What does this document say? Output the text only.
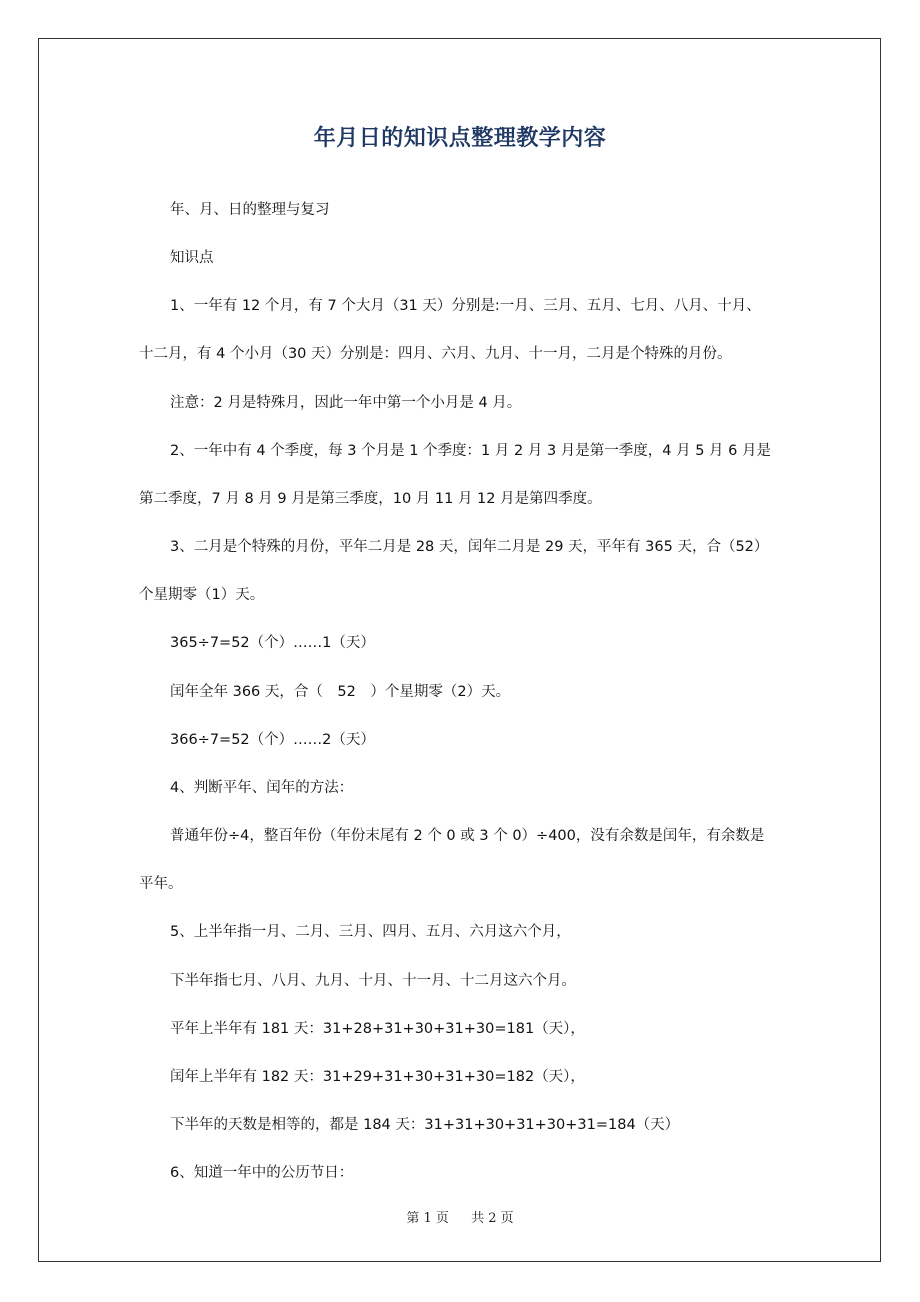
年月日的知识点整理教学内容
年、月、日的整理与复习
知识点
1、一年有 12 个月，有 7 个大月（31 天）分别是:一月、三月、五月、七月、八月、十月、
十二月，有 4 个小月（30 天）分别是：四月、六月、九月、十一月，二月是个特殊的月份。
注意：2 月是特殊月，因此一年中第一个小月是 4 月。
2、一年中有 4 个季度，每 3 个月是 1 个季度：1 月 2 月 3 月是第一季度，4 月 5 月 6 月是
第二季度，7 月 8 月 9 月是第三季度，10 月 11 月 12 月是第四季度。
3、二月是个特殊的月份，平年二月是 28 天，闰年二月是 29 天，平年有 365 天，合（52）
个星期零（1）天。
365÷7=52（个）……1（天）
闰年全年 366 天，合（　52　）个星期零（2）天。
366÷7=52（个）……2（天）
4、判断平年、闰年的方法：
普通年份÷4，整百年份（年份末尾有 2 个 0 或 3 个 0）÷400，没有余数是闰年，有余数是
平年。
5、上半年指一月、二月、三月、四月、五月、六月这六个月，
下半年指七月、八月、九月、十月、十一月、十二月这六个月。
平年上半年有 181 天：31+28+31+30+31+30=181（天），
闰年上半年有 182 天：31+29+31+30+31+30=182（天），
下半年的天数是相等的，都是 184 天：31+31+30+31+30+31=184（天）
6、知道一年中的公历节日：
第 1 页 共 2 页
